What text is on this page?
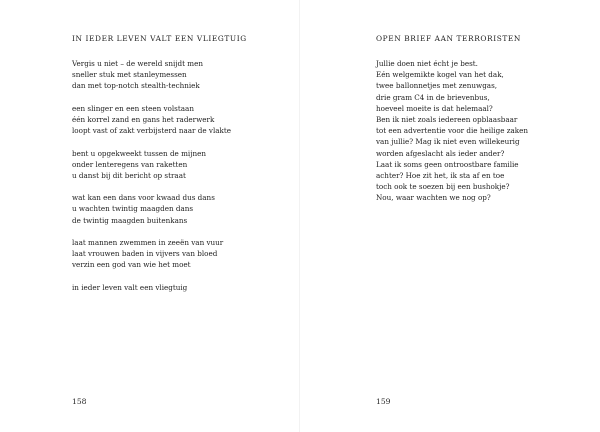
IN IEDER LEVEN VALT EEN VLIEGTUIG
Vergis u niet – de wereld snijdt men
sneller stuk met stanleymessen
dan met top-notch stealth-techniek
een slinger en een steen volstaan
één korrel zand en gans het raderwerk
loopt vast of zakt verbijsterd naar de vlakte
bent u opgekweekt tussen de mijnen
onder lenteregens van raketten
u danst bij dit bericht op straat
wat kan een dans voor kwaad dus dans
u wachten twintig maagden dans
de twintig maagden buitenkans
laat mannen zwemmen in zeeën van vuur
laat vrouwen baden in vijvers van bloed
verzin een god van wie het moet
in ieder leven valt een vliegtuig
158
OPEN BRIEF AAN TERRORISTEN
Jullie doen niet écht je best.
Eén welgemikte kogel van het dak,
twee ballonnetjes met zenuwgas,
drie gram C4 in de brievenbus,
hoeveel moeite is dat helemaal?
Ben ik niet zoals iedereen opblaasbaar
tot een advertentie voor die heilige zaken
van jullie? Mag ik niet even willekeurig
worden afgeslacht als ieder ander?
Laat ik soms geen ontroostbare familie
achter? Hoe zit het, ik sta af en toe
toch ook te soezen bij een bushokje?
Nou, waar wachten we nog op?
159
